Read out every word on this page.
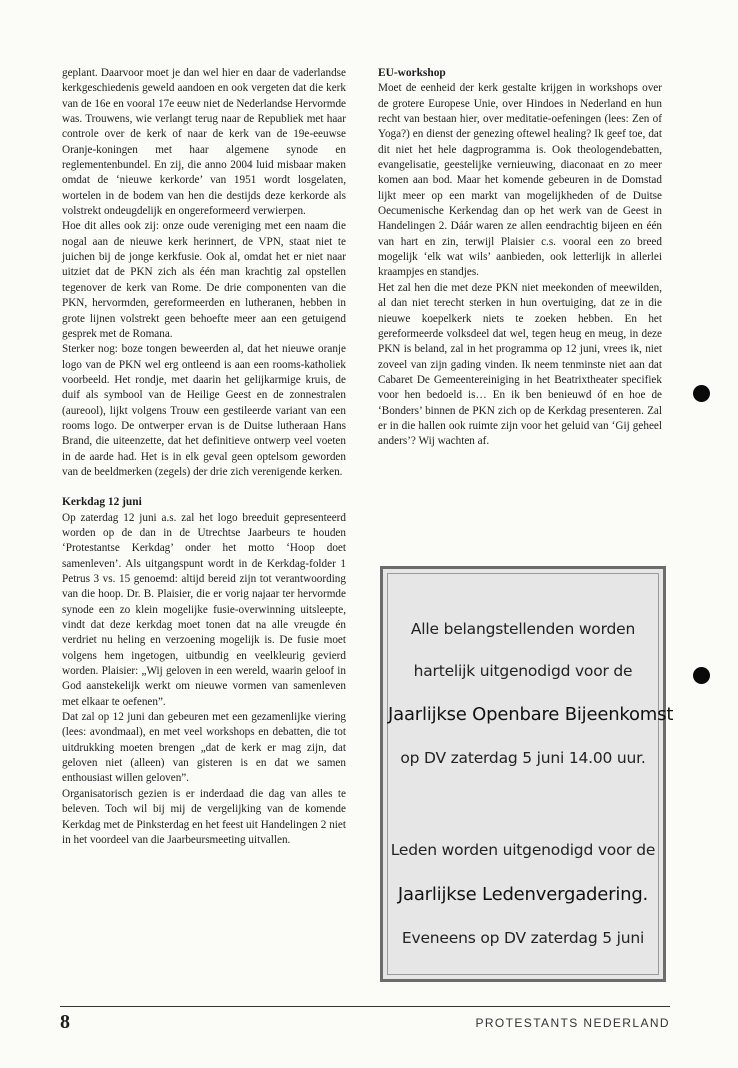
geplant. Daarvoor moet je dan wel hier en daar de vaderlandse kerkgeschiedenis geweld aandoen en ook vergeten dat die kerk van de 16e en vooral 17e eeuw niet de Nederlandse Hervormde was. Trouwens, wie verlangt terug naar de Republiek met haar controle over de kerk of naar de kerk van de 19e-eeuwse Oranje-koningen met haar algemene synode en reglementenbundel. En zij, die anno 2004 luid misbaar maken omdat de ‘nieuwe kerkorde’ van 1951 wordt losgelaten, wortelen in de bodem van hen die destijds deze kerkorde als volstrekt ondeugdelijk en ongereformeerd verwierpen.

Hoe dit alles ook zij: onze oude vereniging met een naam die nogal aan de nieuwe kerk herinnert, de VPN, staat niet te juichen bij de jonge kerkfusie. Ook al, omdat het er niet naar uitziet dat de PKN zich als één man krachtig zal opstellen tegenover de kerk van Rome. De drie componenten van die PKN, hervormden, gereformeerden en lutheranen, hebben in grote lijnen volstrekt geen behoefte meer aan een getuigend gesprek met de Romana.

Sterker nog: boze tongen beweerden al, dat het nieuwe oranje logo van de PKN wel erg ontleend is aan een rooms-katholiek voorbeeld. Het rondje, met daarin het gelijkarmige kruis, de duif als symbool van de Heilige Geest en de zonnestralen (aureool), lijkt volgens Trouw een gestileerde variant van een rooms logo. De ontwerper ervan is de Duitse lutheraan Hans Brand, die uiteenzette, dat het definitieve ontwerp veel voeten in de aarde had. Het is in elk geval geen optelsom geworden van de beeldmerken (zegels) der drie zich verenigende kerken.

Kerkdag 12 juni

Op zaterdag 12 juni a.s. zal het logo breeduit gepresenteerd worden op de dan in de Utrechtse Jaarbeurs te houden ‘Protestantse Kerkdag’ onder het motto ‘Hoop doet samenleven’. Als uitgangspunt wordt in de Kerkdag-folder 1 Petrus 3 vs. 15 genoemd: altijd bereid zijn tot verantwoording van die hoop. Dr. B. Plaisier, die er vorig najaar ter hervormde synode een zo klein mogelijke fusie-overwinning uitsleepte, vindt dat deze kerkdag moet tonen dat na alle vreugde én verdriet nu heling en verzoening mogelijk is. De fusie moet volgens hem ingetogen, uitbundig en veelkleurig gevierd worden. Plaisier: „Wij geloven in een wereld, waarin geloof in God aanstekelijk werkt om nieuwe vormen van samenleven met elkaar te oefenen”.

Dat zal op 12 juni dan gebeuren met een gezamenlijke viering (lees: avondmaal), en met veel workshops en debatten, die tot uitdrukking moeten brengen „dat de kerk er mag zijn, dat geloven niet (alleen) van gisteren is en dat we samen enthousiast willen geloven”.

Organisatorisch gezien is er inderdaad die dag van alles te beleven. Toch wil bij mij de vergelijking van de komende Kerkdag met de Pinksterdag en het feest uit Handelingen 2 niet in het voordeel van die Jaarbeursmeeting uitvallen.

EU-workshop

Moet de eenheid der kerk gestalte krijgen in workshops over de grotere Europese Unie, over Hindoes in Nederland en hun recht van bestaan hier, over meditatie-oefeningen (lees: Zen of Yoga?) en dienst der genezing oftewel healing? Ik geef toe, dat dit niet het hele dagprogramma is. Ook theologendebatten, evangelisatie, geestelijke vernieuwing, diaconaat en zo meer komen aan bod. Maar het komende gebeuren in de Domstad lijkt meer op een markt van mogelijkheden of de Duitse Oecumenische Kerkendag dan op het werk van de Geest in Handelingen 2. Dáár waren ze allen eendrachtig bijeen en één van hart en zin, terwijl Plaisier c.s. vooral een zo breed mogelijk ‘elk wat wils’ aanbieden, ook letterlijk in allerlei kraampjes en standjes.

Het zal hen die met deze PKN niet meekonden of meewilden, al dan niet terecht sterken in hun overtuiging, dat ze in die nieuwe koepelkerk niets te zoeken hebben. En het gereformeerde volksdeel dat wel, tegen heug en meug, in deze PKN is beland, zal in het programma op 12 juni, vrees ik, niet zoveel van zijn gading vinden. Ik neem tenminste niet aan dat Cabaret De Gemeentereiniging in het Beatrixtheater specifiek voor hen bedoeld is… En ik ben benieuwd óf en hoe de ‘Bonders’ binnen de PKN zich op de Kerkdag presenteren. Zal er in die hallen ook ruimte zijn voor het geluid van ‘Gij geheel anders’? Wij wachten af.

Alle belangstellenden worden
hartelijk uitgenodigd voor de
Jaarlijkse Openbare Bijeenkomst
op DV zaterdag 5 juni 14.00 uur.
Leden worden uitgenodigd voor de
Jaarlijkse Ledenvergadering.
Eveneens op DV zaterdag 5 juni
8	PROTESTANTS NEDERLAND
